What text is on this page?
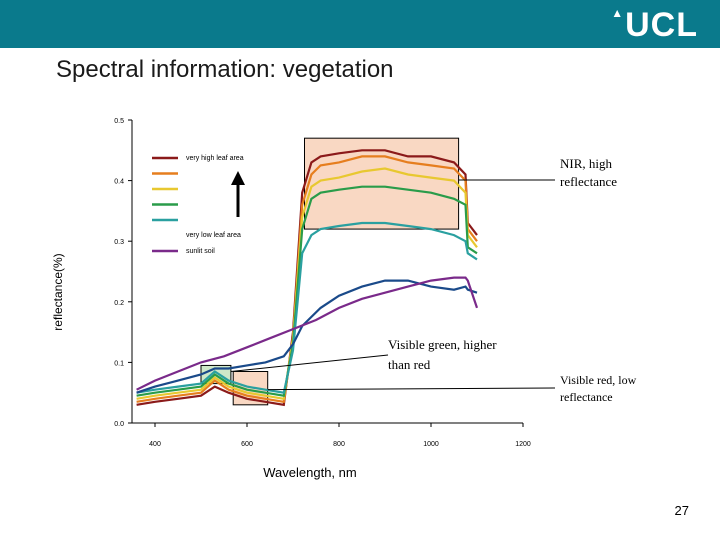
▲UCL
Spectral information: vegetation
400	600	800	1000	1200
0.0
0.1
0.2
0.3
0.4
0.5
very high leaf area
very low leaf area
sunlit soil
Wavelength, nm
reflectance(%)
NIR, high
reflectance
Visible green, higher
than red
Visible red, low
reflectance
27
